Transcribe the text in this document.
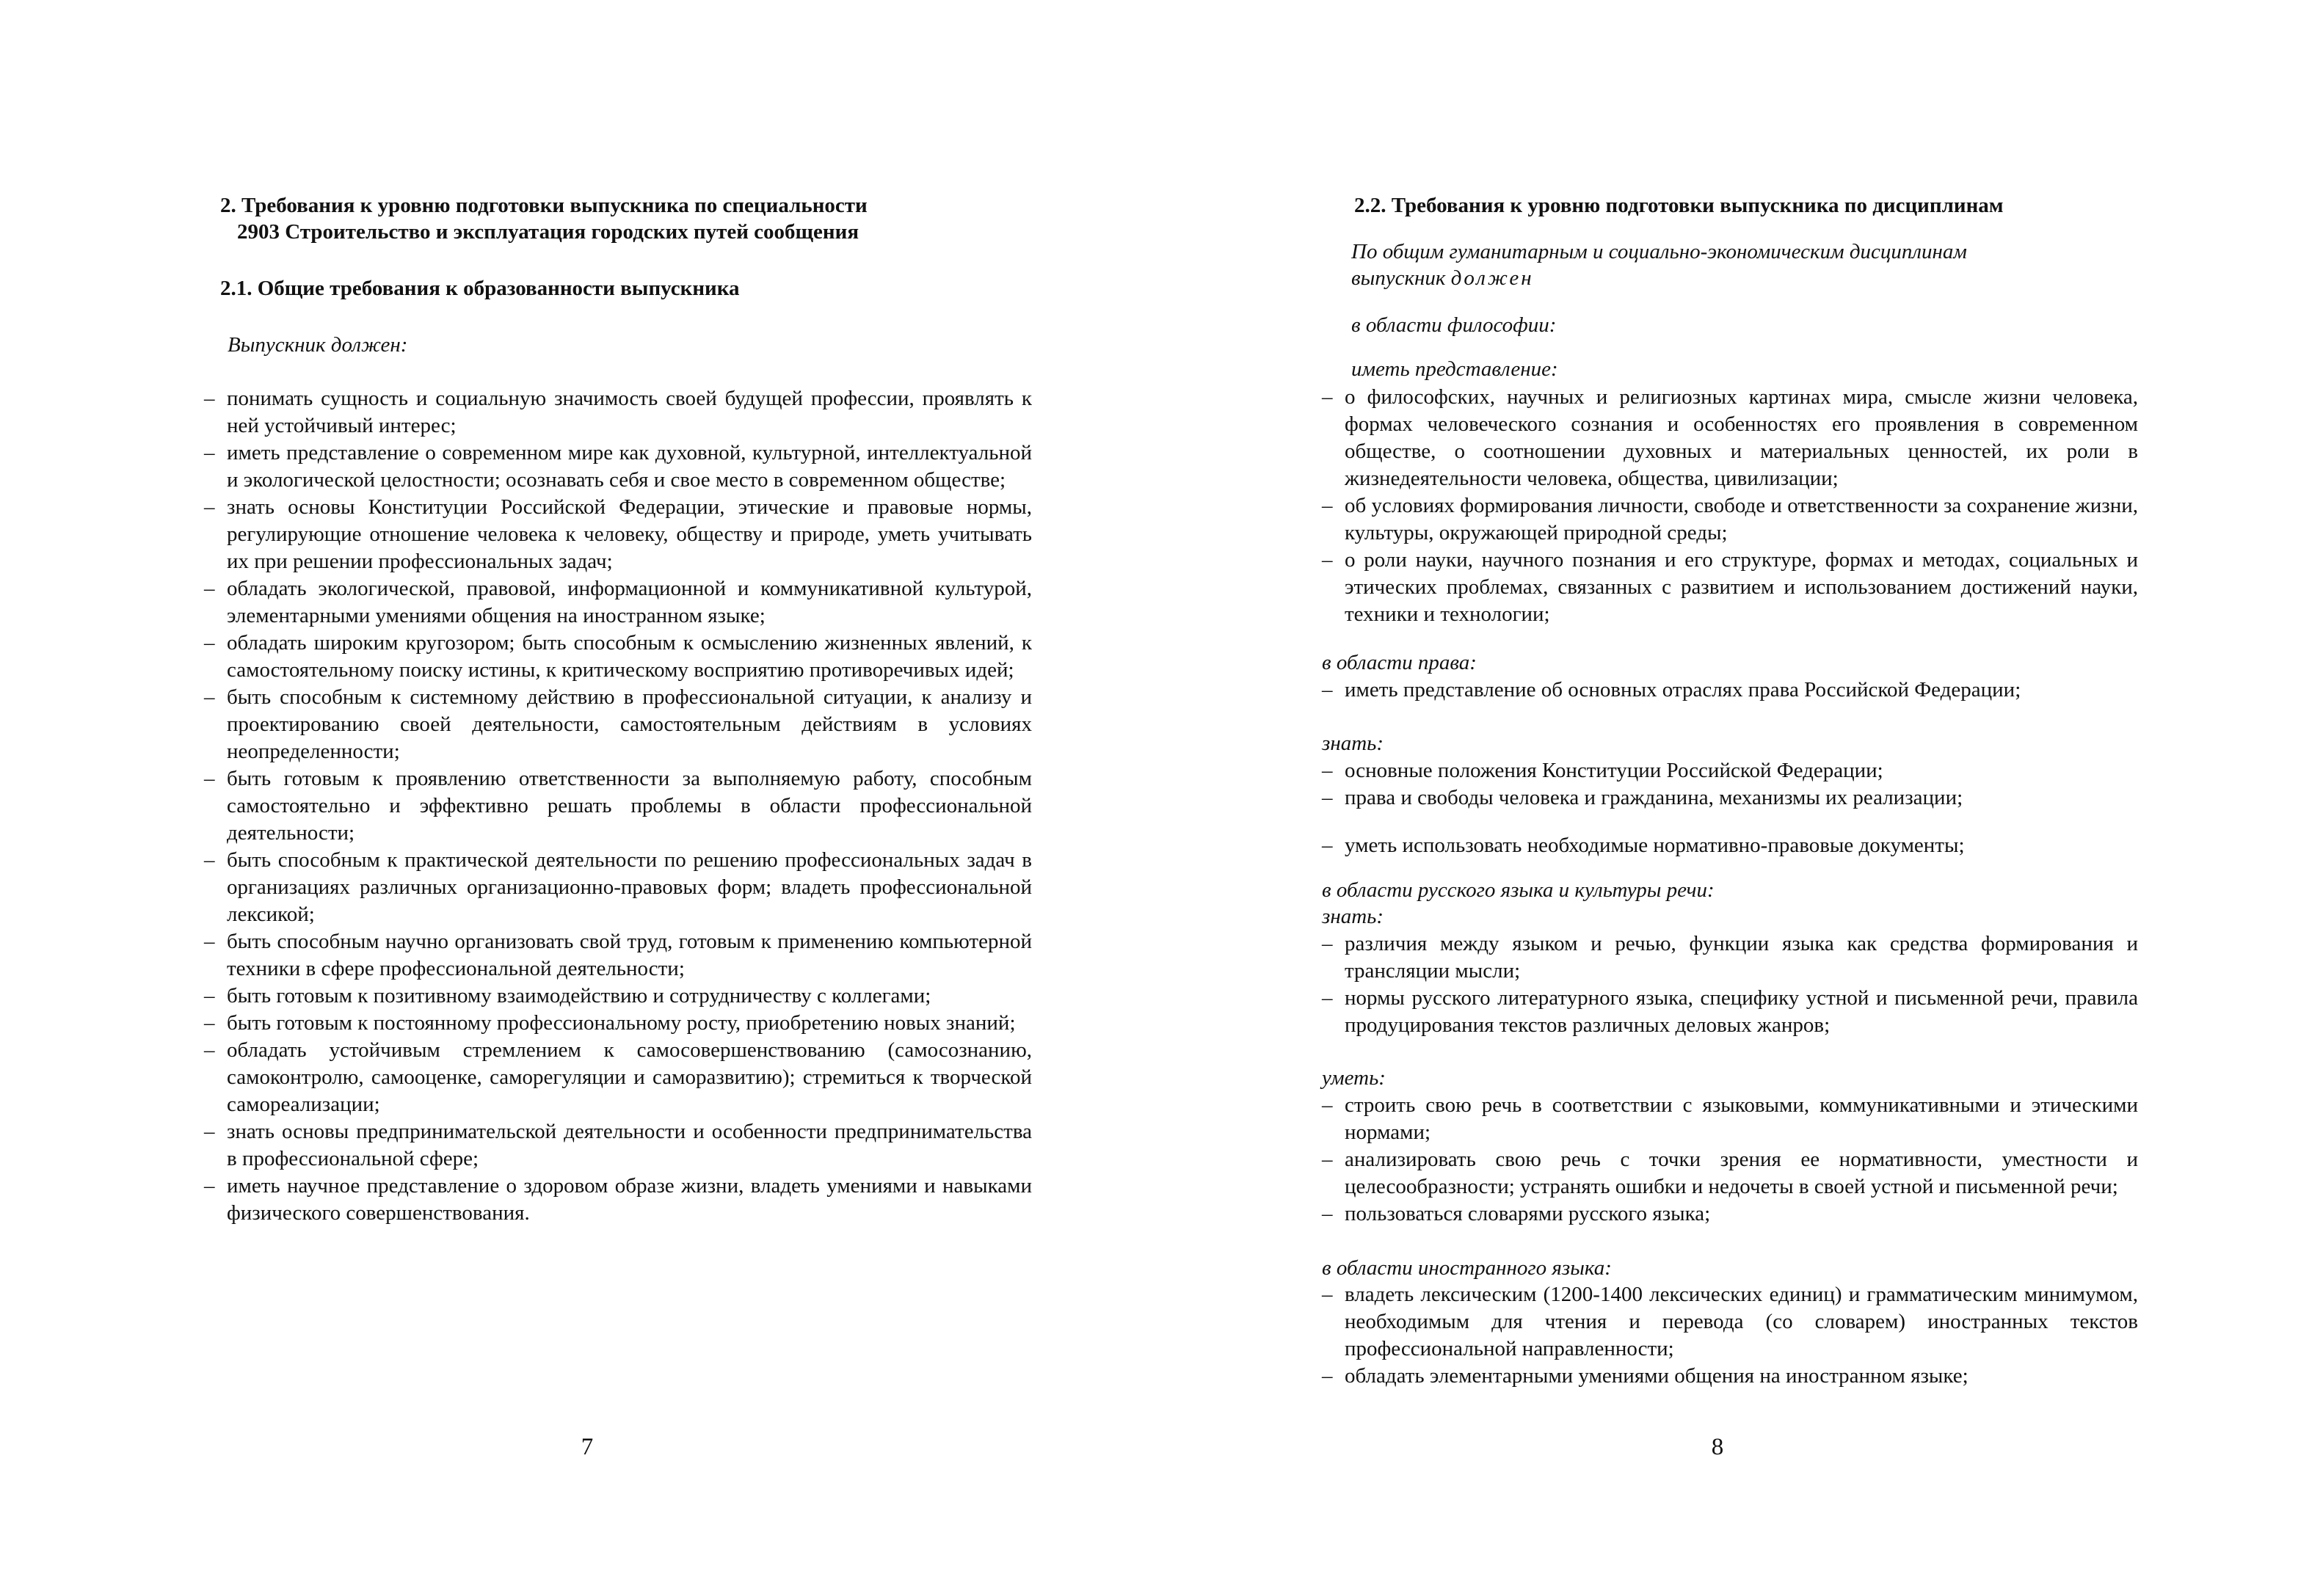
2. Требования к уровню подготовки выпускника по специальности
2903 Строительство и эксплуатация городских путей сообщения
2.1. Общие требования к образованности выпускника
Выпускник должен:
– понимать сущность и социальную значимость своей будущей профессии, проявлять к ней устойчивый интерес;
– иметь представление о современном мире как духовной, культурной, интеллектуальной и экологической целостности; осознавать себя и свое место в современном обществе;
– знать основы Конституции Российской Федерации, этические и правовые нормы, регулирующие отношение человека к человеку, обществу и природе, уметь учитывать их при решении профессиональных задач;
– обладать экологической, правовой, информационной и коммуникативной культурой, элементарными умениями общения на иностранном языке;
– обладать широким кругозором; быть способным к осмыслению жизненных явлений, к самостоятельному поиску истины, к критическому восприятию противоречивых идей;
– быть способным к системному действию в профессиональной ситуации, к анализу и проектированию своей деятельности, самостоятельным действиям в условиях неопределенности;
– быть готовым к проявлению ответственности за выполняемую работу, способным самостоятельно и эффективно решать проблемы в области профессиональной деятельности;
– быть способным к практической деятельности по решению профессиональных задач в организациях различных организационно-правовых форм; владеть профессиональной лексикой;
– быть способным научно организовать свой труд, готовым к применению компьютерной техники в сфере профессиональной деятельности;
– быть готовым к позитивному взаимодействию и сотрудничеству с коллегами;
– быть готовым к постоянному профессиональному росту, приобретению новых знаний;
– обладать устойчивым стремлением к самосовершенствованию (самосознанию, самоконтролю, самооценке, саморегуляции и саморазвитию); стремиться к творческой самореализации;
– знать основы предпринимательской деятельности и особенности предпринимательства в профессиональной сфере;
– иметь научное представление о здоровом образе жизни, владеть умениями и навыками физического совершенствования.
7
2.2. Требования к уровню подготовки выпускника по дисциплинам
По общим гуманитарным и социально-экономическим дисциплинам
выпускник должен
в области философии:
иметь представление:
– о философских, научных и религиозных картинах мира, смысле жизни человека, формах человеческого сознания и особенностях его проявления в современном обществе, о соотношении духовных и материальных ценностей, их роли в жизнедеятельности человека, общества, цивилизации;
– об условиях формирования личности, свободе и ответственности за сохранение жизни, культуры, окружающей природной среды;
– о роли науки, научного познания и его структуре, формах и методах, социальных и этических проблемах, связанных с развитием и использованием достижений науки, техники и технологии;
в области права:
– иметь представление об основных отраслях права Российской Федерации;
знать:
– основные положения Конституции Российской Федерации;
– права и свободы человека и гражданина, механизмы их реализации;
– уметь использовать необходимые нормативно-правовые документы;
в области русского языка и культуры речи:
знать:
– различия между языком и речью, функции языка как средства формирования и трансляции мысли;
– нормы русского литературного языка, специфику устной и письменной речи, правила продуцирования текстов различных деловых жанров;
уметь:
– строить свою речь в соответствии с языковыми, коммуникативными и этическими нормами;
– анализировать свою речь с точки зрения ее нормативности, уместности и целесообразности; устранять ошибки и недочеты в своей устной и письменной речи;
– пользоваться словарями русского языка;
в области иностранного языка:
– владеть лексическим (1200-1400 лексических единиц) и грамматическим минимумом, необходимым для чтения и перевода (со словарем) иностранных текстов профессиональной направленности;
– обладать элементарными умениями общения на иностранном языке;
8
